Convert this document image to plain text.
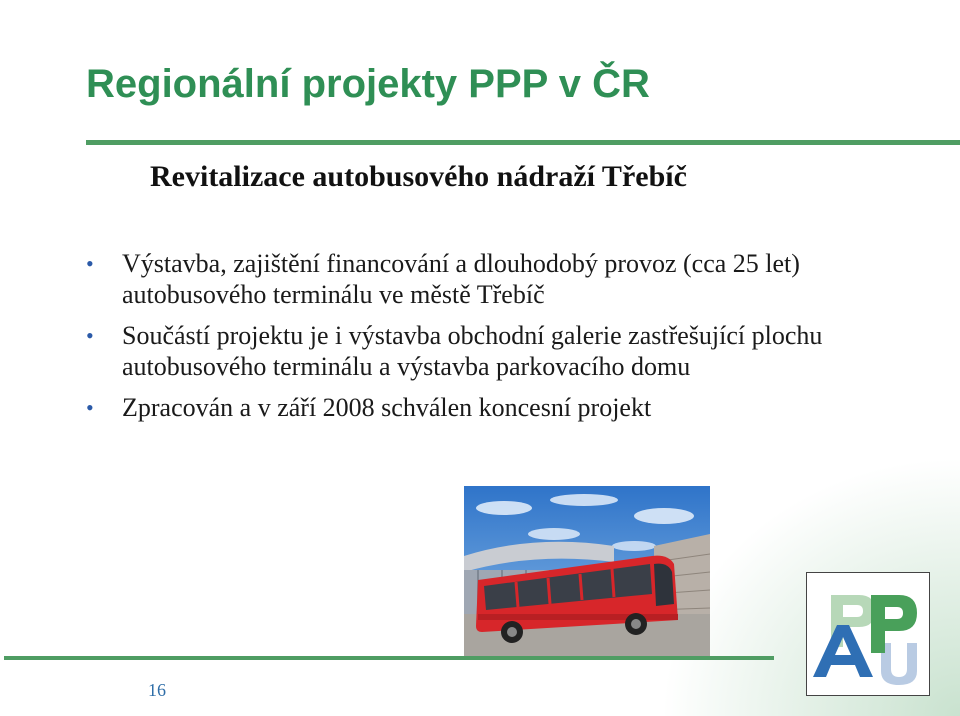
Regionální projekty PPP v ČR
Revitalizace autobusového nádraží Třebíč
• Výstavba, zajištění financování a dlouhodobý provoz (cca 25 let) autobusového terminálu ve městě Třebíč
• Součástí projektu je i výstavba obchodní galerie zastřešující plochu autobusového terminálu a výstavba parkovacího domu
• Zpracován a v září 2008 schválen koncesní projekt
16
